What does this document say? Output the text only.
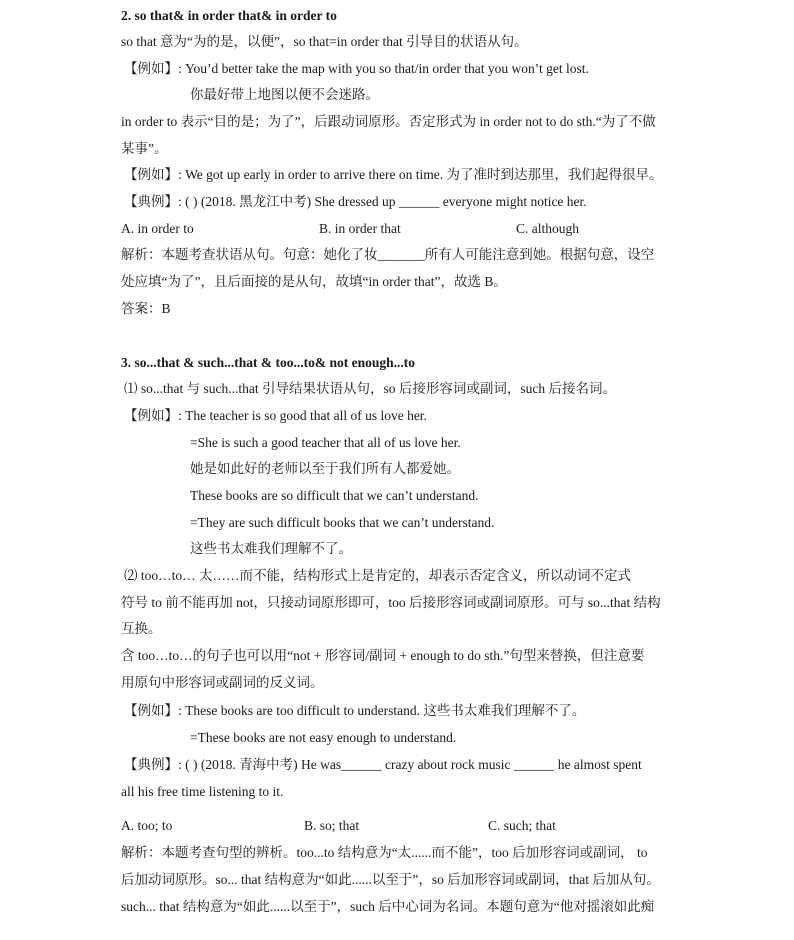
2. so that& in order that& in order to
so that 意为“为的是，以便”，so that=in order that 引导目的状语从句。
【例如】: You’d better take the map with you so that/in order that you won’t get lost.
你最好带上地图以便不会迷路。
in order to 表示“目的是；为了”，后跟动词原形。否定形式为 in order not to do sth.“为了不做
某事”。
【例如】: We got up early in order to arrive there on time. 为了准时到达那里，我们起得很早。
【典例】: ( ) (2018. 黑龙江中考) She dressed up ______ everyone might notice her.
A. in order to	B. in order that	C. although
解析：本题考查状语从句。句意：她化了妆_______所有人可能注意到她。根据句意，设空
处应填“为了”，且后面接的是从句，故填“in order that”，故选 B。
答案：B
3. so...that & such...that & too...to& not enough...to
⑴ so...that 与 such...that 引导结果状语从句，so 后接形容词或副词，such 后接名词。
【例如】: The teacher is so good that all of us love her.
=She is such a good teacher that all of us love her.
她是如此好的老师以至于我们所有人都爱她。
These books are so difficult that we can’t understand.
=They are such difficult books that we can’t understand.
这些书太难我们理解不了。
⑵ too…to… 太……而不能，结构形式上是肯定的，却表示否定含义，所以动词不定式
符号 to 前不能再加 not，只接动词原形即可，too 后接形容词或副词原形。可与 so...that 结构
互换。
含 too…to…的句子也可以用“not + 形容词/副词 + enough to do sth.”句型来替换，但注意要
用原句中形容词或副词的反义词。
【例如】: These books are too difficult to understand. 这些书太难我们理解不了。
=These books are not easy enough to understand.
【典例】: ( ) (2018. 青海中考) He was______ crazy about rock music ______ he almost spent
all his free time listening to it.
A. too; to	B. so; that	C. such; that
解析：本题考查句型的辨析。too...to 结构意为“太......而不能”，too 后加形容词或副词， to
后加动词原形。so... that 结构意为“如此......以至于”，so 后加形容词或副词，that 后加从句。
such... that 结构意为“如此......以至于”，such 后中心词为名词。本题句意为“他对摇滚如此痴
